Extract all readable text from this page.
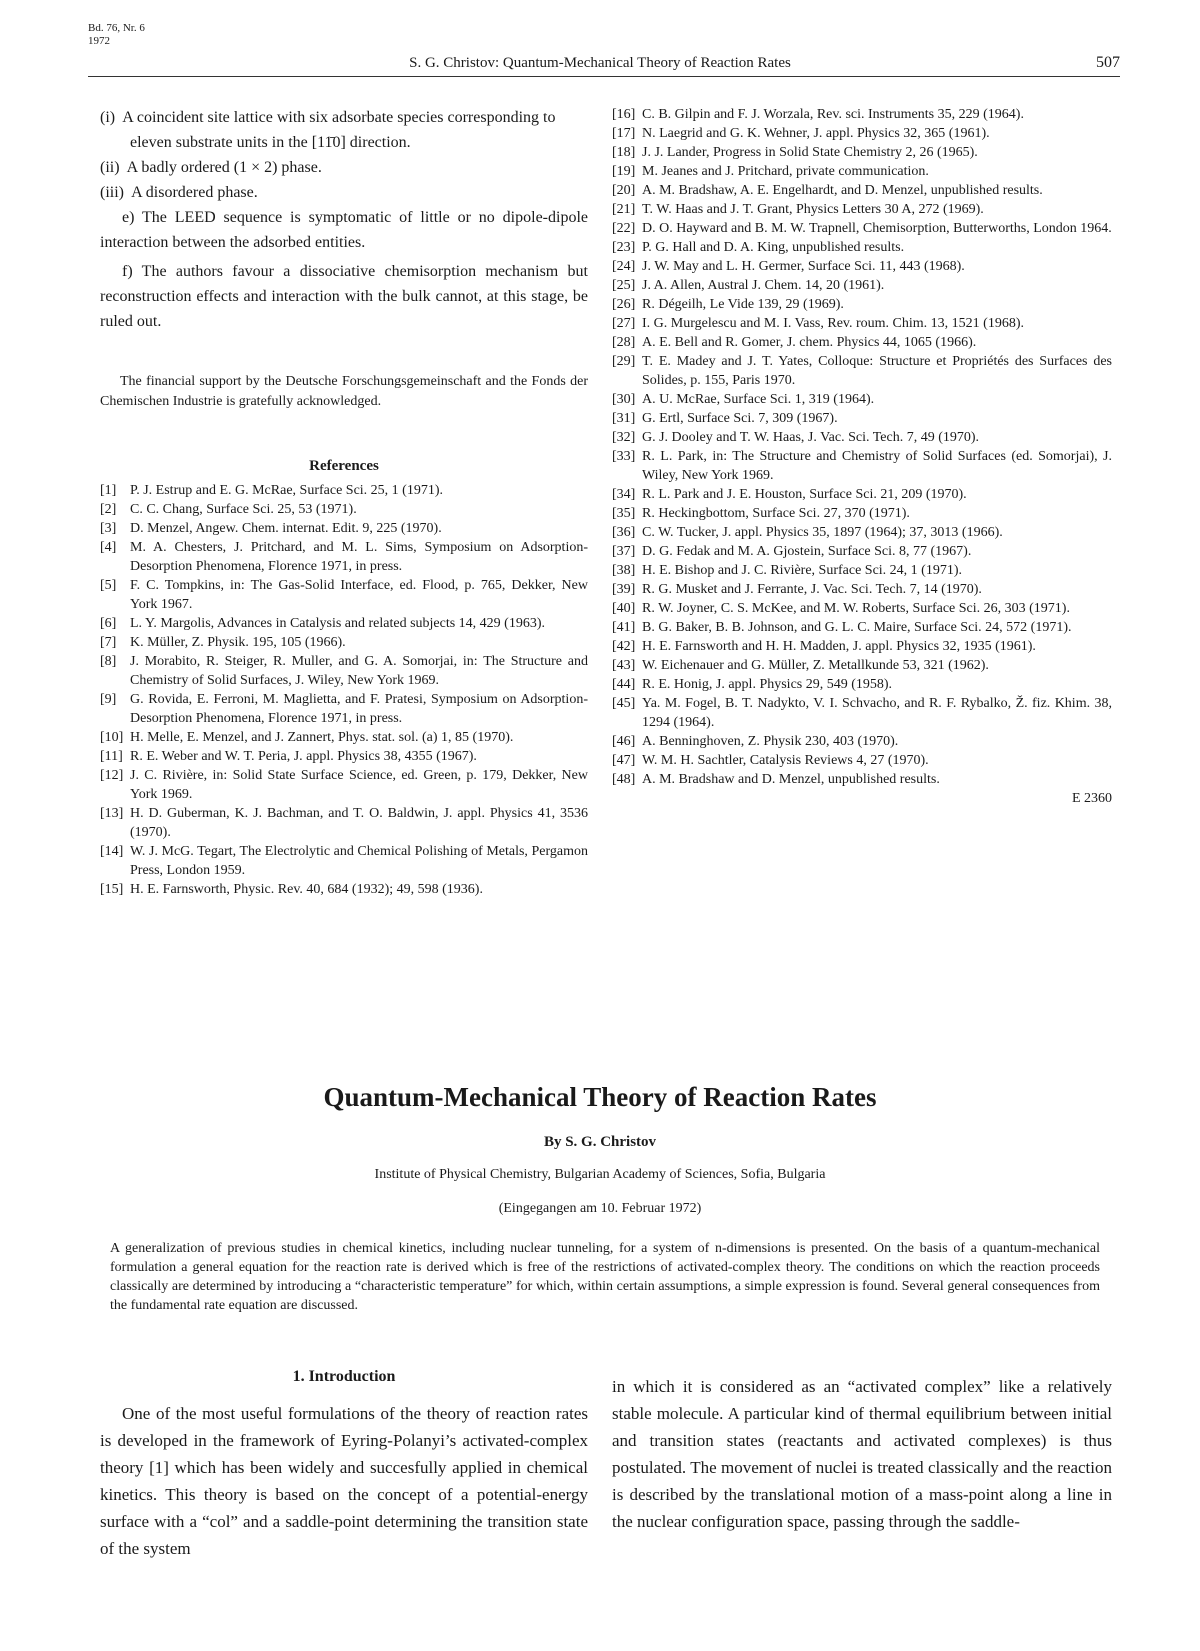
Bd. 76, Nr. 6
1972
S. G. Christov: Quantum-Mechanical Theory of Reaction Rates	507

(i) A coincident site lattice with six adsorbate species corresponding to eleven substrate units in the [11̄0] direction.

(ii) A badly ordered (1 × 2) phase.

(iii) A disordered phase.

e) The LEED sequence is symptomatic of little or no dipole-dipole interaction between the adsorbed entities.

f) The authors favour a dissociative chemisorption mechanism but reconstruction effects and interaction with the bulk cannot, at this stage, be ruled out.

The financial support by the Deutsche Forschungsgemeinschaft and the Fonds der Chemischen Industrie is gratefully acknowledged.

References
[1] P. J. Estrup and E. G. McRae, Surface Sci. 25, 1 (1971).
[2] C. C. Chang, Surface Sci. 25, 53 (1971).
[3] D. Menzel, Angew. Chem. internat. Edit. 9, 225 (1970).
[4] M. A. Chesters, J. Pritchard, and M. L. Sims, Symposium on Adsorption-Desorption Phenomena, Florence 1971, in press.
[5] F. C. Tompkins, in: The Gas-Solid Interface, ed. Flood, p. 765, Dekker, New York 1967.
[6] L. Y. Margolis, Advances in Catalysis and related subjects 14, 429 (1963).
[7] K. Müller, Z. Physik. 195, 105 (1966).
[8] J. Morabito, R. Steiger, R. Muller, and G. A. Somorjai, in: The Structure and Chemistry of Solid Surfaces, J. Wiley, New York 1969.
[9] G. Rovida, E. Ferroni, M. Maglietta, and F. Pratesi, Symposium on Adsorption-Desorption Phenomena, Florence 1971, in press.
[10] H. Melle, E. Menzel, and J. Zannert, Phys. stat. sol. (a) 1, 85 (1970).
[11] R. E. Weber and W. T. Peria, J. appl. Physics 38, 4355 (1967).
[12] J. C. Rivière, in: Solid State Surface Science, ed. Green, p. 179, Dekker, New York 1969.
[13] H. D. Guberman, K. J. Bachman, and T. O. Baldwin, J. appl. Physics 41, 3536 (1970).
[14] W. J. McG. Tegart, The Electrolytic and Chemical Polishing of Metals, Pergamon Press, London 1959.
[15] H. E. Farnsworth, Physic. Rev. 40, 684 (1932); 49, 598 (1936).
[16] C. B. Gilpin and F. J. Worzala, Rev. sci. Instruments 35, 229 (1964).
[17] N. Laegrid and G. K. Wehner, J. appl. Physics 32, 365 (1961).
[18] J. J. Lander, Progress in Solid State Chemistry 2, 26 (1965).
[19] M. Jeanes and J. Pritchard, private communication.
[20] A. M. Bradshaw, A. E. Engelhardt, and D. Menzel, unpublished results.
[21] T. W. Haas and J. T. Grant, Physics Letters 30 A, 272 (1969).
[22] D. O. Hayward and B. M. W. Trapnell, Chemisorption, Butterworths, London 1964.
[23] P. G. Hall and D. A. King, unpublished results.
[24] J. W. May and L. H. Germer, Surface Sci. 11, 443 (1968).
[25] J. A. Allen, Austral J. Chem. 14, 20 (1961).
[26] R. Dégeilh, Le Vide 139, 29 (1969).
[27] I. G. Murgelescu and M. I. Vass, Rev. roum. Chim. 13, 1521 (1968).
[28] A. E. Bell and R. Gomer, J. chem. Physics 44, 1065 (1966).
[29] T. E. Madey and J. T. Yates, Colloque: Structure et Propriétés des Surfaces des Solides, p. 155, Paris 1970.
[30] A. U. McRae, Surface Sci. 1, 319 (1964).
[31] G. Ertl, Surface Sci. 7, 309 (1967).
[32] G. J. Dooley and T. W. Haas, J. Vac. Sci. Tech. 7, 49 (1970).
[33] R. L. Park, in: The Structure and Chemistry of Solid Surfaces (ed. Somorjai), J. Wiley, New York 1969.
[34] R. L. Park and J. E. Houston, Surface Sci. 21, 209 (1970).
[35] R. Heckingbottom, Surface Sci. 27, 370 (1971).
[36] C. W. Tucker, J. appl. Physics 35, 1897 (1964); 37, 3013 (1966).
[37] D. G. Fedak and M. A. Gjostein, Surface Sci. 8, 77 (1967).
[38] H. E. Bishop and J. C. Rivière, Surface Sci. 24, 1 (1971).
[39] R. G. Musket and J. Ferrante, J. Vac. Sci. Tech. 7, 14 (1970).
[40] R. W. Joyner, C. S. McKee, and M. W. Roberts, Surface Sci. 26, 303 (1971).
[41] B. G. Baker, B. B. Johnson, and G. L. C. Maire, Surface Sci. 24, 572 (1971).
[42] H. E. Farnsworth and H. H. Madden, J. appl. Physics 32, 1935 (1961).
[43] W. Eichenauer and G. Müller, Z. Metallkunde 53, 321 (1962).
[44] R. E. Honig, J. appl. Physics 29, 549 (1958).
[45] Ya. M. Fogel, B. T. Nadykto, V. I. Schvacho, and R. F. Rybalko, Ž. fiz. Khim. 38, 1294 (1964).
[46] A. Benninghoven, Z. Physik 230, 403 (1970).
[47] W. M. H. Sachtler, Catalysis Reviews 4, 27 (1970).
[48] A. M. Bradshaw and D. Menzel, unpublished results.
E 2360
Quantum-Mechanical Theory of Reaction Rates
By S. G. Christov
Institute of Physical Chemistry, Bulgarian Academy of Sciences, Sofia, Bulgaria
(Eingegangen am 10. Februar 1972)

A generalization of previous studies in chemical kinetics, including nuclear tunneling, for a system of n-dimensions is presented. On the basis of a quantum-mechanical formulation a general equation for the reaction rate is derived which is free of the restrictions of activated-complex theory. The conditions on which the reaction proceeds classically are determined by introducing a “characteristic temperature” for which, within certain assumptions, a simple expression is found. Several general consequences from the fundamental rate equation are discussed.

1. Introduction

One of the most useful formulations of the theory of reaction rates is developed in the framework of Eyring-Polanyi’s activated-complex theory [1] which has been widely and succesfully applied in chemical kinetics. This theory is based on the concept of a potential-energy surface with a “col” and a saddle-point determining the transition state of the system

in which it is considered as an “activated complex” like a relatively stable molecule. A particular kind of thermal equilibrium between initial and transition states (reactants and activated complexes) is thus postulated. The movement of nuclei is treated classically and the reaction is described by the translational motion of a mass-point along a line in the nuclear configuration space, passing through the saddle-
